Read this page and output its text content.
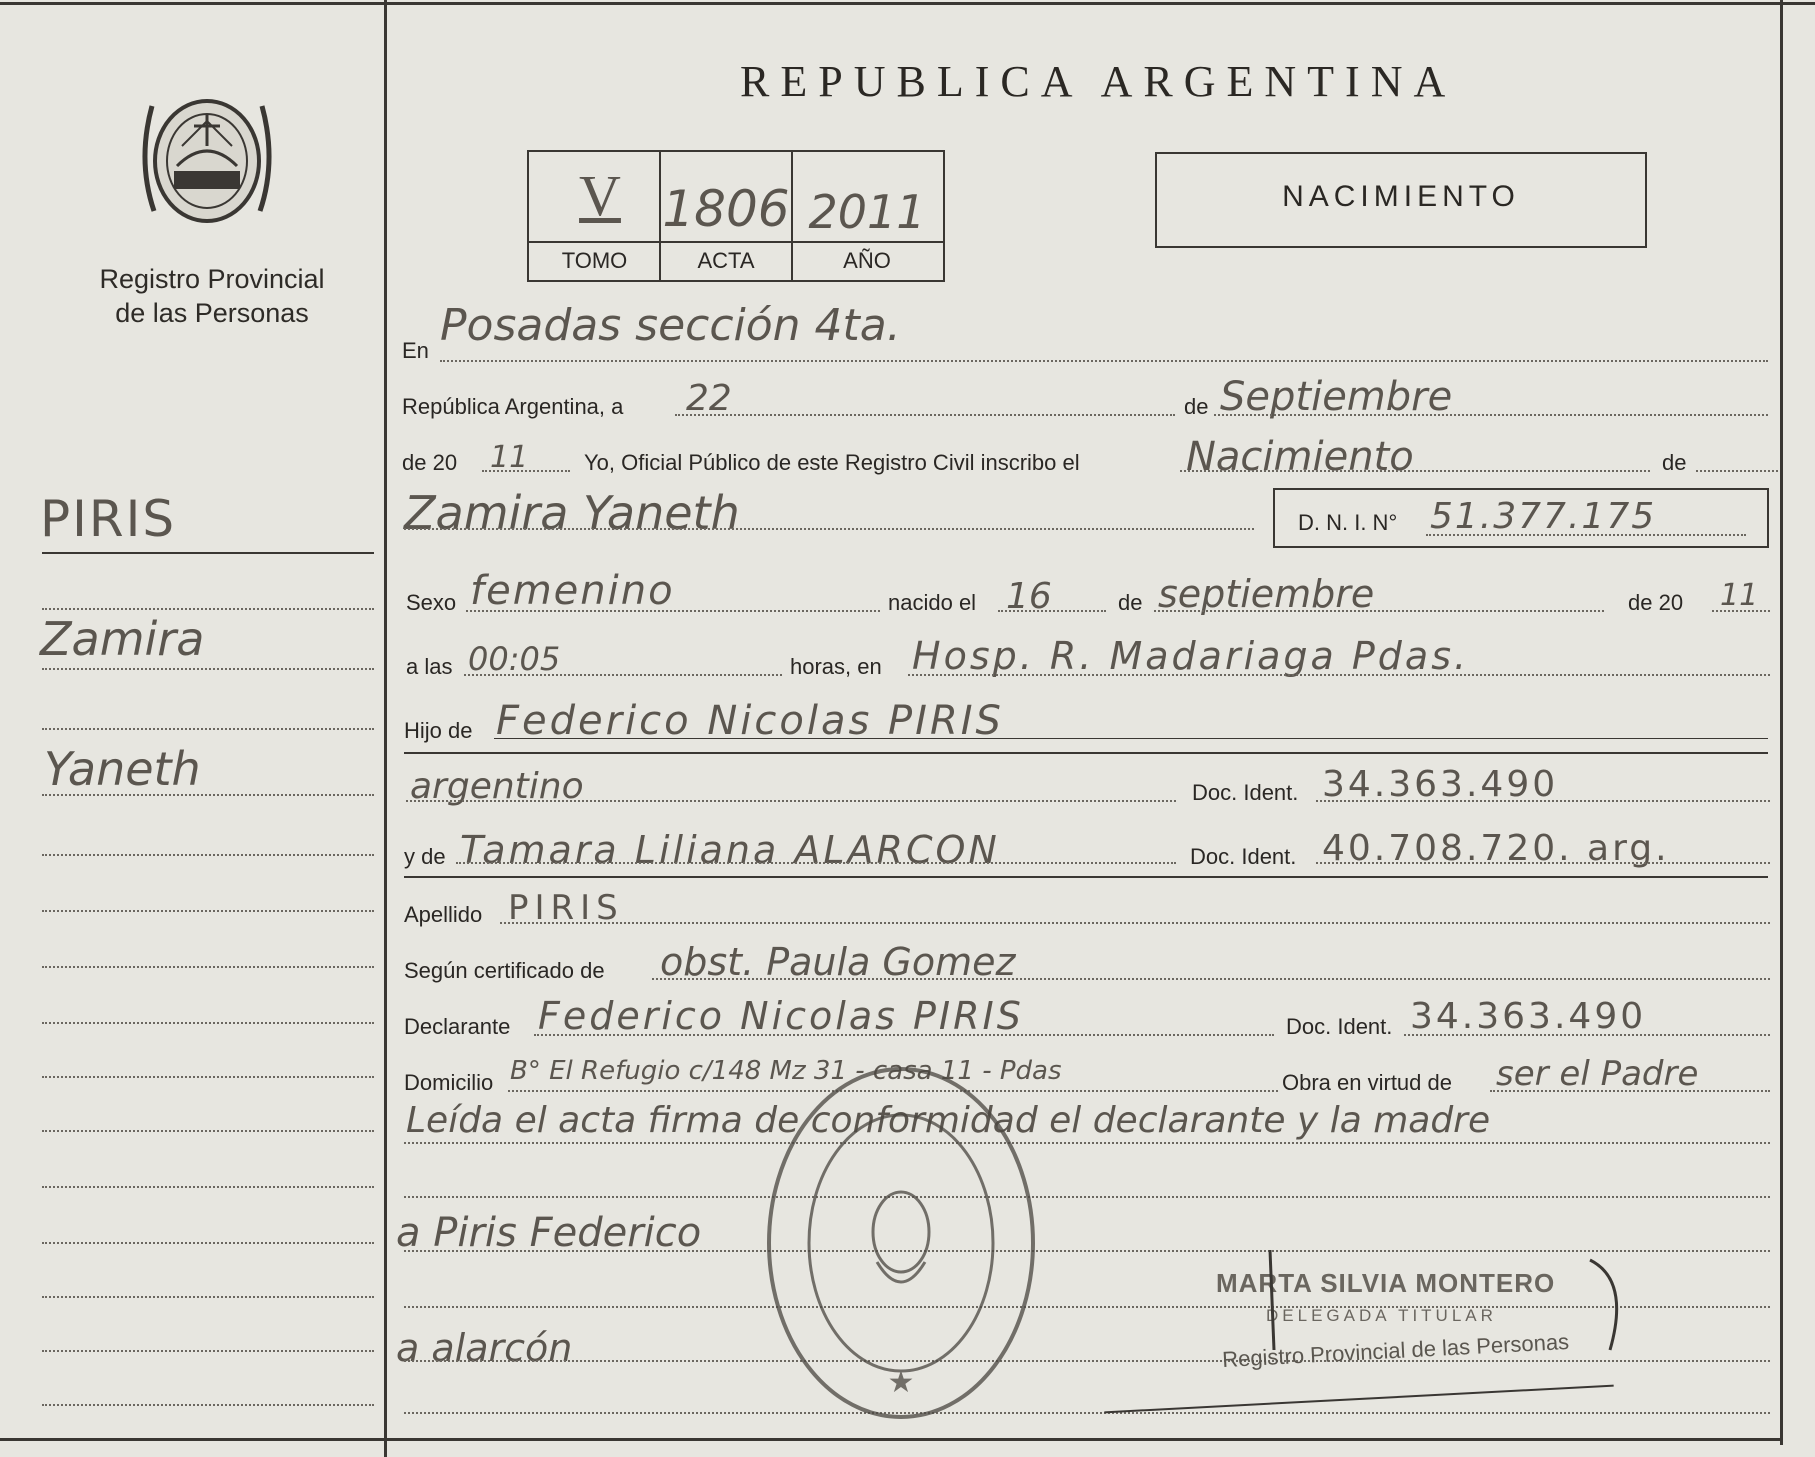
Registro Provincial
de las Personas
REPUBLICA ARGENTINA
V 1806 2011
TOMO	ACTA	AÑO
NACIMIENTO
PIRIS
Zamira
Yaneth
En Posadas sección 4ta.
República Argentina, a 22	de Septiembre
de 20 11	Yo, Oficial Público de este Registro Civil inscribo el	Nacimiento	de
Zamira Yaneth	D. N. I. N° 51.377.175
Sexo femenino	nacido el 16	de septiembre	de 20 11
a las 00:05	horas, en Hosp. R. Madariaga Pdas.
Hijo de Federico Nicolas PIRIS
argentino	Doc. Ident. 34.363.490
y de Tamara Liliana ALARCON	Doc. Ident. 40.708.720. arg.
Apellido PIRIS
Según certificado de obst. Paula Gomez
Declarante Federico Nicolas PIRIS	Doc. Ident. 34.363.490
Domicilio B° El Refugio c/148 Mz 31 - casa 11 - Pdas	Obra en virtud de ser el Padre
Leída el acta firma de conformidad el declarante y la madre
a Piris Federico
a alarcón
★
MARTA SILVIA MONTERO
DELEGADA TITULAR
Registro Provincial de las Personas
